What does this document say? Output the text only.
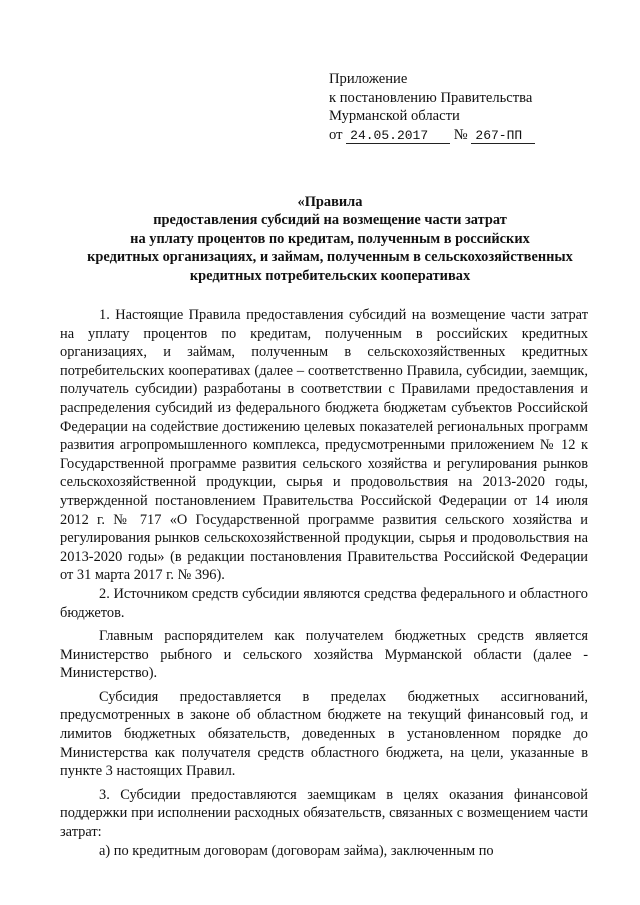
Приложение
к постановлению Правительства
Мурманской области
от 24.05.2017 № 267-ПП
«Правила
предоставления субсидий на возмещение части затрат
на уплату процентов по кредитам, полученным в российских
кредитных организациях, и займам, полученным в сельскохозяйственных
кредитных потребительских кооперативах

1. Настоящие Правила предоставления субсидий на возмещение части затрат на уплату процентов по кредитам, полученным в российских кредитных организациях, и займам, полученным в сельскохозяйственных кредитных потребительских кооперативах (далее – соответственно Правила, субсидии, заемщик, получатель субсидии) разработаны в соответствии с Правилами предоставления и распределения субсидий из федерального бюджета бюджетам субъектов Российской Федерации на содействие достижению целевых показателей региональных программ развития агропромышленного комплекса, предусмотренными приложением № 12 к Государственной программе развития сельского хозяйства и регулирования рынков сельскохозяйственной продукции, сырья и продовольствия на 2013-2020 годы, утвержденной постановлением Правительства Российской Федерации от 14 июля 2012 г. № 717 «О Государственной программе развития сельского хозяйства и регулирования рынков сельскохозяйственной продукции, сырья и продовольствия на 2013-2020 годы» (в редакции постановления Правительства Российской Федерации от 31 марта 2017 г. № 396).

2. Источником средств субсидии являются средства федерального и областного бюджетов.

Главным распорядителем как получателем бюджетных средств является Министерство рыбного и сельского хозяйства Мурманской области (далее - Министерство).

Субсидия предоставляется в пределах бюджетных ассигнований, предусмотренных в законе об областном бюджете на текущий финансовый год, и лимитов бюджетных обязательств, доведенных в установленном порядке до Министерства как получателя средств областного бюджета, на цели, указанные в пункте 3 настоящих Правил.

3. Субсидии предоставляются заемщикам в целях оказания финансовой поддержки при исполнении расходных обязательств, связанных с возмещением части затрат:

а) по кредитным договорам (договорам займа), заключенным по
